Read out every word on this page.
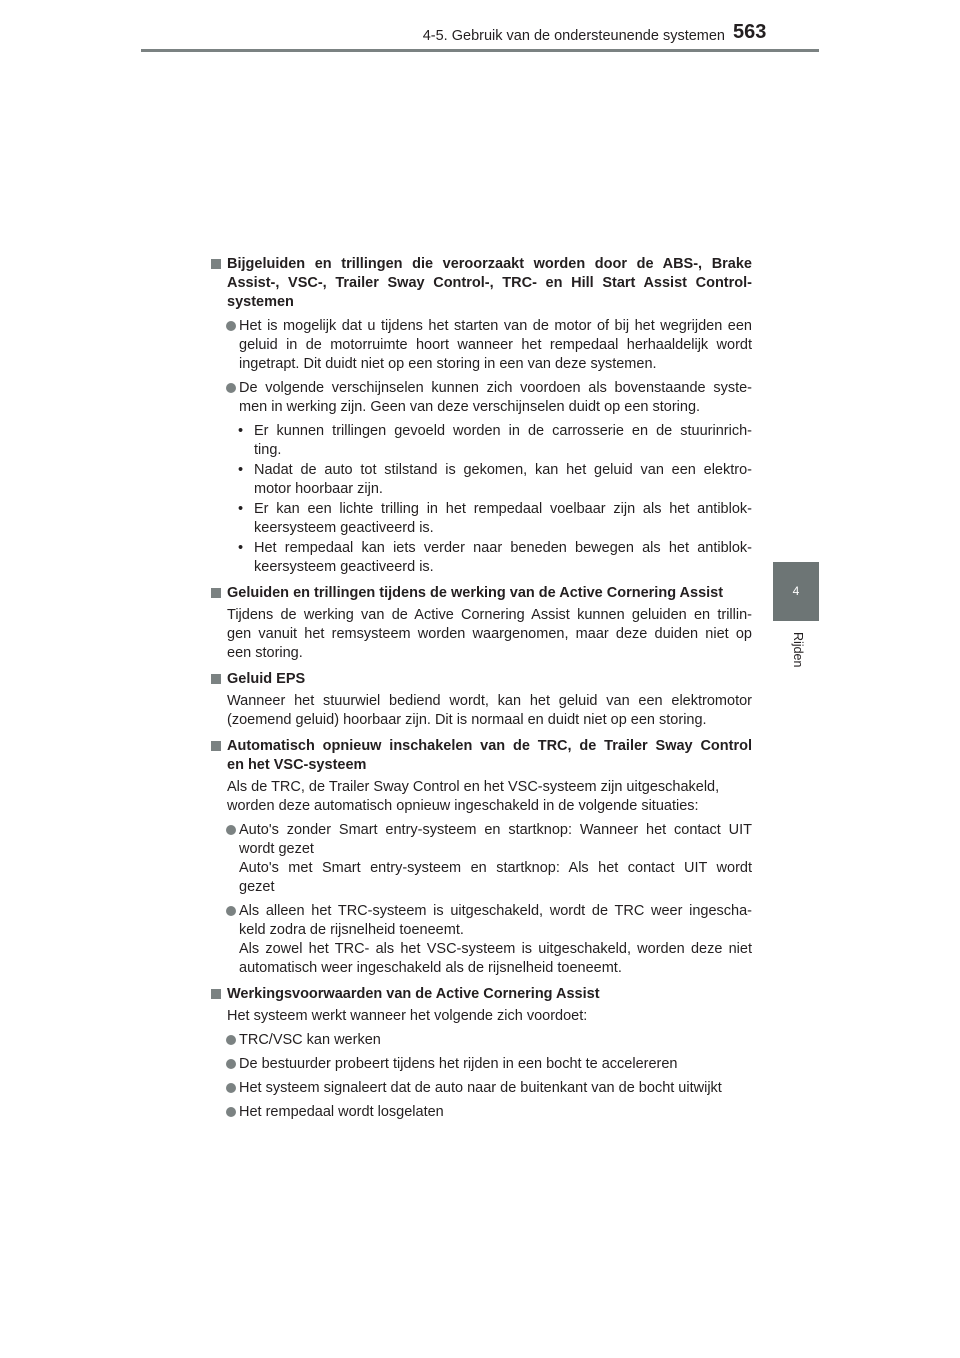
4-5. Gebruik van de ondersteunende systemen 563
4
Rijden
Bijgeluiden en trillingen die veroorzaakt worden door de ABS-, Brake
Assist-, VSC-, Trailer Sway Control-, TRC- en Hill Start Assist Control-
systemen
Het is mogelijk dat u tijdens het starten van de motor of bij het wegrijden een
geluid in de motorruimte hoort wanneer het rempedaal herhaaldelijk wordt
ingetrapt. Dit duidt niet op een storing in een van deze systemen.
De volgende verschijnselen kunnen zich voordoen als bovenstaande syste-
men in werking zijn. Geen van deze verschijnselen duidt op een storing.
• Er kunnen trillingen gevoeld worden in de carrosserie en de stuurinrich-
ting.
• Nadat de auto tot stilstand is gekomen, kan het geluid van een elektro-
motor hoorbaar zijn.
• Er kan een lichte trilling in het rempedaal voelbaar zijn als het antiblok-
keersysteem geactiveerd is.
• Het rempedaal kan iets verder naar beneden bewegen als het antiblok-
keersysteem geactiveerd is.
Geluiden en trillingen tijdens de werking van de Active Cornering Assist
Tijdens de werking van de Active Cornering Assist kunnen geluiden en trillin-
gen vanuit het remsysteem worden waargenomen, maar deze duiden niet op
een storing.
Geluid EPS
Wanneer het stuurwiel bediend wordt, kan het geluid van een elektromotor
(zoemend geluid) hoorbaar zijn. Dit is normaal en duidt niet op een storing.
Automatisch opnieuw inschakelen van de TRC, de Trailer Sway Control
en het VSC-systeem
Als de TRC, de Trailer Sway Control en het VSC-systeem zijn uitgeschakeld,
worden deze automatisch opnieuw ingeschakeld in de volgende situaties:
Auto's zonder Smart entry-systeem en startknop: Wanneer het contact UIT
wordt gezet
Auto's met Smart entry-systeem en startknop: Als het contact UIT wordt
gezet
Als alleen het TRC-systeem is uitgeschakeld, wordt de TRC weer ingescha-
keld zodra de rijsnelheid toeneemt.
Als zowel het TRC- als het VSC-systeem is uitgeschakeld, worden deze niet
automatisch weer ingeschakeld als de rijsnelheid toeneemt.
Werkingsvoorwaarden van de Active Cornering Assist
Het systeem werkt wanneer het volgende zich voordoet:
TRC/VSC kan werken
De bestuurder probeert tijdens het rijden in een bocht te accelereren
Het systeem signaleert dat de auto naar de buitenkant van de bocht uitwijkt
Het rempedaal wordt losgelaten
